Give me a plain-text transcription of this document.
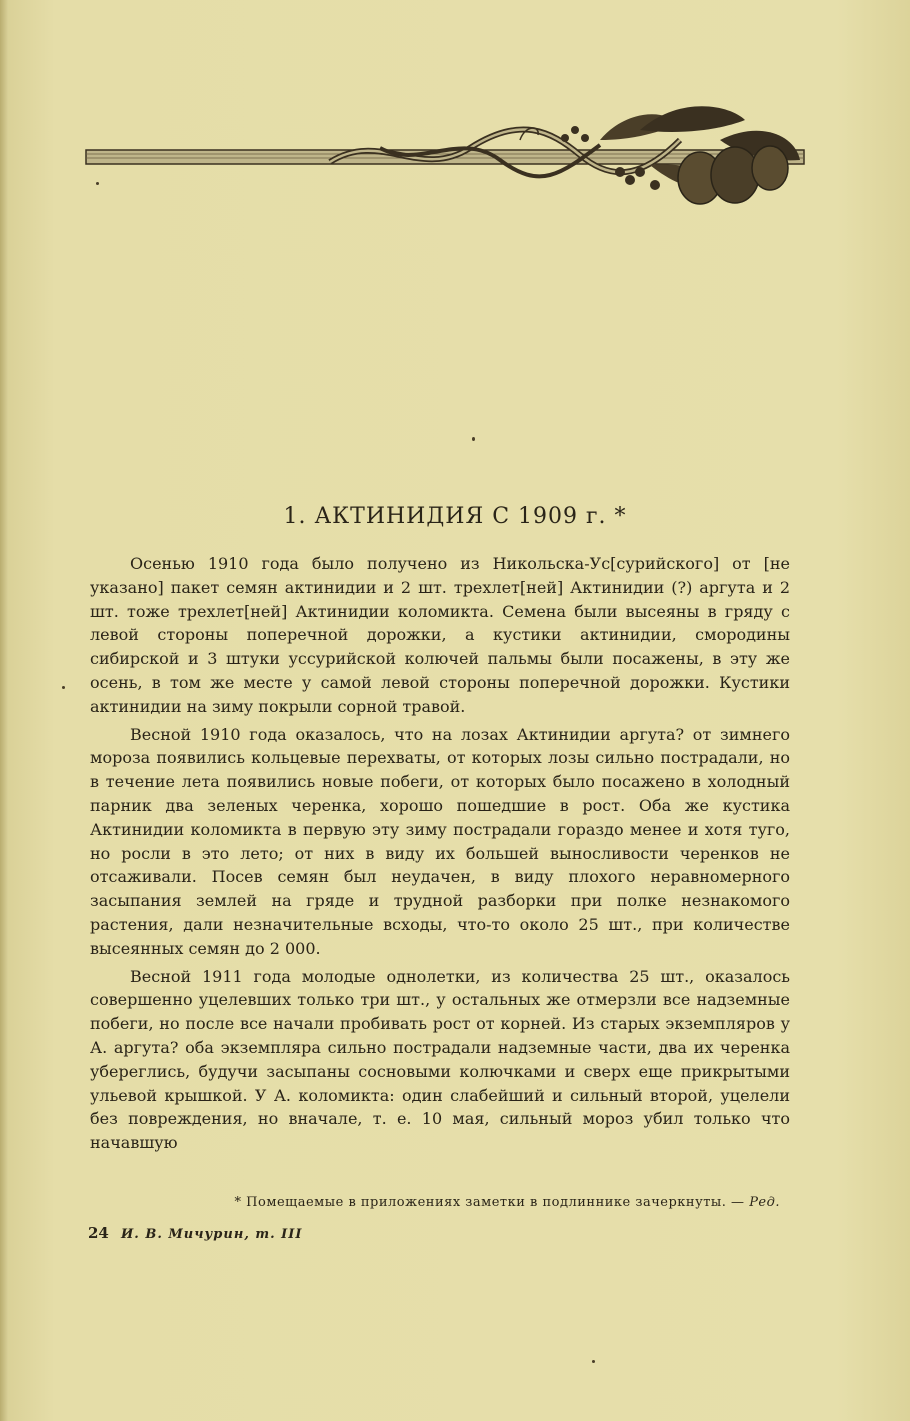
1. АКТИНИДИЯ С 1909 г. *

Осенью 1910 года было получено из Никольска-Ус[сурийского] от [не указано] пакет семян актинидии и 2 шт. трехлет[ней] Актинидии (?) аргута и 2 шт. тоже трехлет[ней] Актинидии коломикта. Семена были высеяны в гряду с левой стороны поперечной дорожки, а кустики актинидии, смородины сибирской и 3 штуки уссурийской колючей пальмы были посажены, в эту же осень, в том же месте у самой левой стороны поперечной дорожки. Кустики актинидии на зиму покрыли сорной травой.

Весной 1910 года оказалось, что на лозах Актинидии аргута? от зимнего мороза появились кольцевые перехваты, от которых лозы сильно пострадали, но в течение лета появились новые побеги, от которых было посажено в холодный парник два зеленых черенка, хорошо пошедшие в рост. Оба же кустика Актинидии коломикта в первую эту зиму пострадали гораздо менее и хотя туго, но росли в это лето; от них в виду их большей выносливости черенков не отсаживали. Посев семян был неудачен, в виду плохого неравномерного засыпания землей на гряде и трудной разборки при полке незнакомого растения, дали незначительные всходы, что-то около 25 шт., при количестве высеянных семян до 2 000.

Весной 1911 года молодые однолетки, из количества 25 шт., оказалось совершенно уцелевших только три шт., у остальных же отмерзли все надземные побеги, но после все начали пробивать рост от корней. Из старых экземпляров у А. аргута? оба экземпляра сильно пострадали надземные части, два их черенка убереглись, будучи засыпаны сосновыми колючками и сверх еще прикрытыми ульевой крышкой. У А. коломикта: один слабейший и сильный второй, уцелели без повреждения, но вначале, т. е. 10 мая, сильный мороз убил только что начавшую

* Помещаемые в приложениях заметки в подлиннике зачеркнуты. — Ред.
24 И. В. Мичурин, т. III
